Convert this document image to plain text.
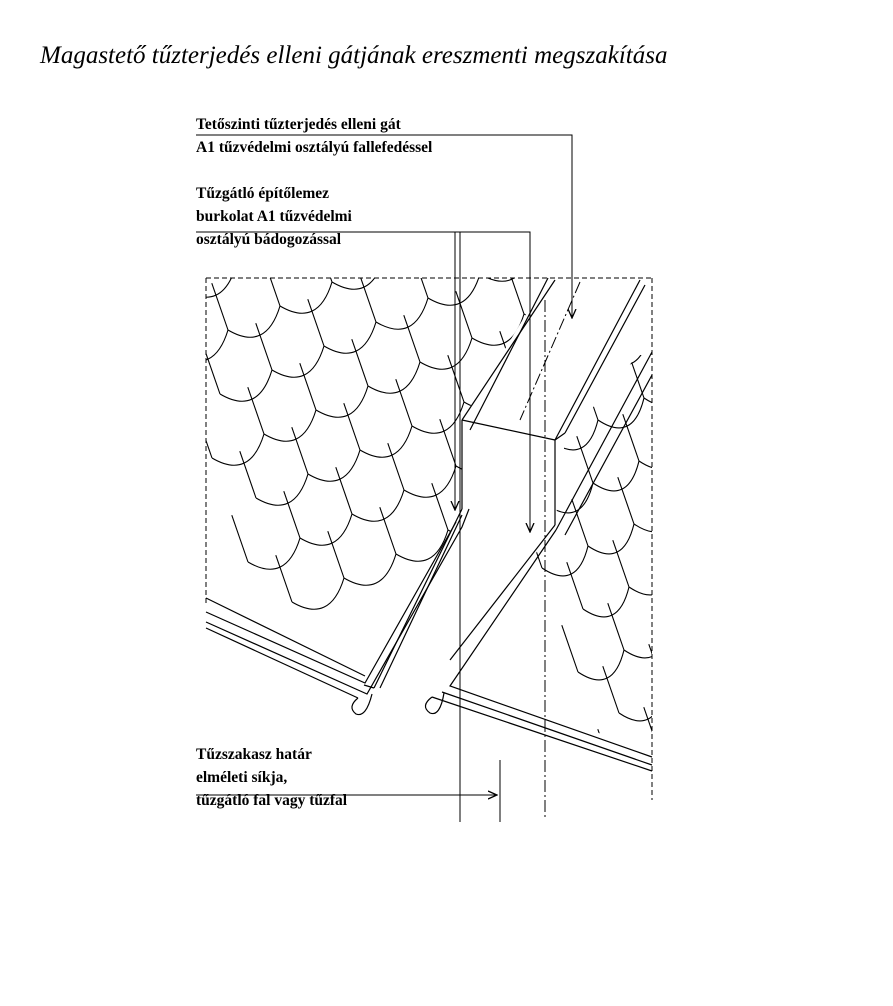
Magastető tűzterjedés elleni gátjának ereszmenti megszakítása
Tetőszinti tűzterjedés elleni gát
A1 tűzvédelmi osztályú fallefedéssel
Tűzgátló építőlemez
burkolat A1 tűzvédelmi
osztályú bádogozással
Tűzszakasz határ
elméleti síkja,
tűzgátló fal vagy tűzfal
